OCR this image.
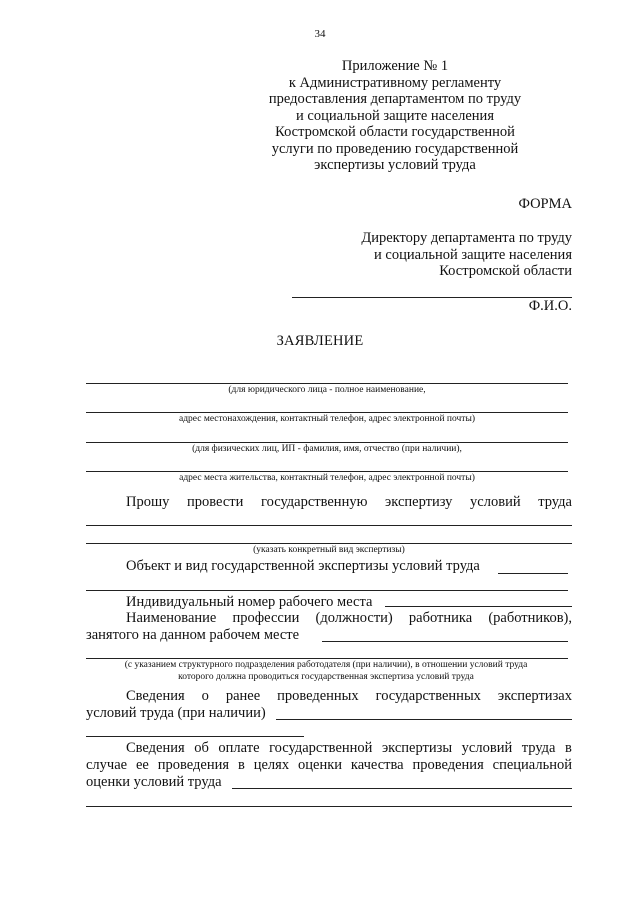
34
Приложение № 1
к Административному регламенту
предоставления департаментом по труду
и социальной защите населения
Костромской области государственной
услуги по проведению государственной
экспертизы условий труда
ФОРМА
Директору департамента по труду
и социальной защите населения
Костромской области
Ф.И.О.
ЗАЯВЛЕНИЕ
(для юридического лица - полное наименование,
адрес местонахождения, контактный телефон, адрес электронной почты)
(для физических лиц, ИП - фамилия, имя, отчество (при наличии),
адрес места жительства, контактный телефон, адрес электронной почты)
Прошу провести государственную экспертизу условий труда
(указать конкретный вид экспертизы)
Объект и вид государственной экспертизы условий труда
Индивидуальный номер рабочего места
Наименование профессии (должности) работника (работников),
занятого на данном рабочем месте
(с указанием структурного подразделения работодателя (при наличии), в отношении условий труда
которого должна проводиться государственная экспертиза условий труда
Сведения о ранее проведенных государственных экспертизах
условий труда (при наличии)
Сведения об оплате государственной экспертизы условий труда в
случае ее проведения в целях оценки качества проведения специальной
оценки условий труда
